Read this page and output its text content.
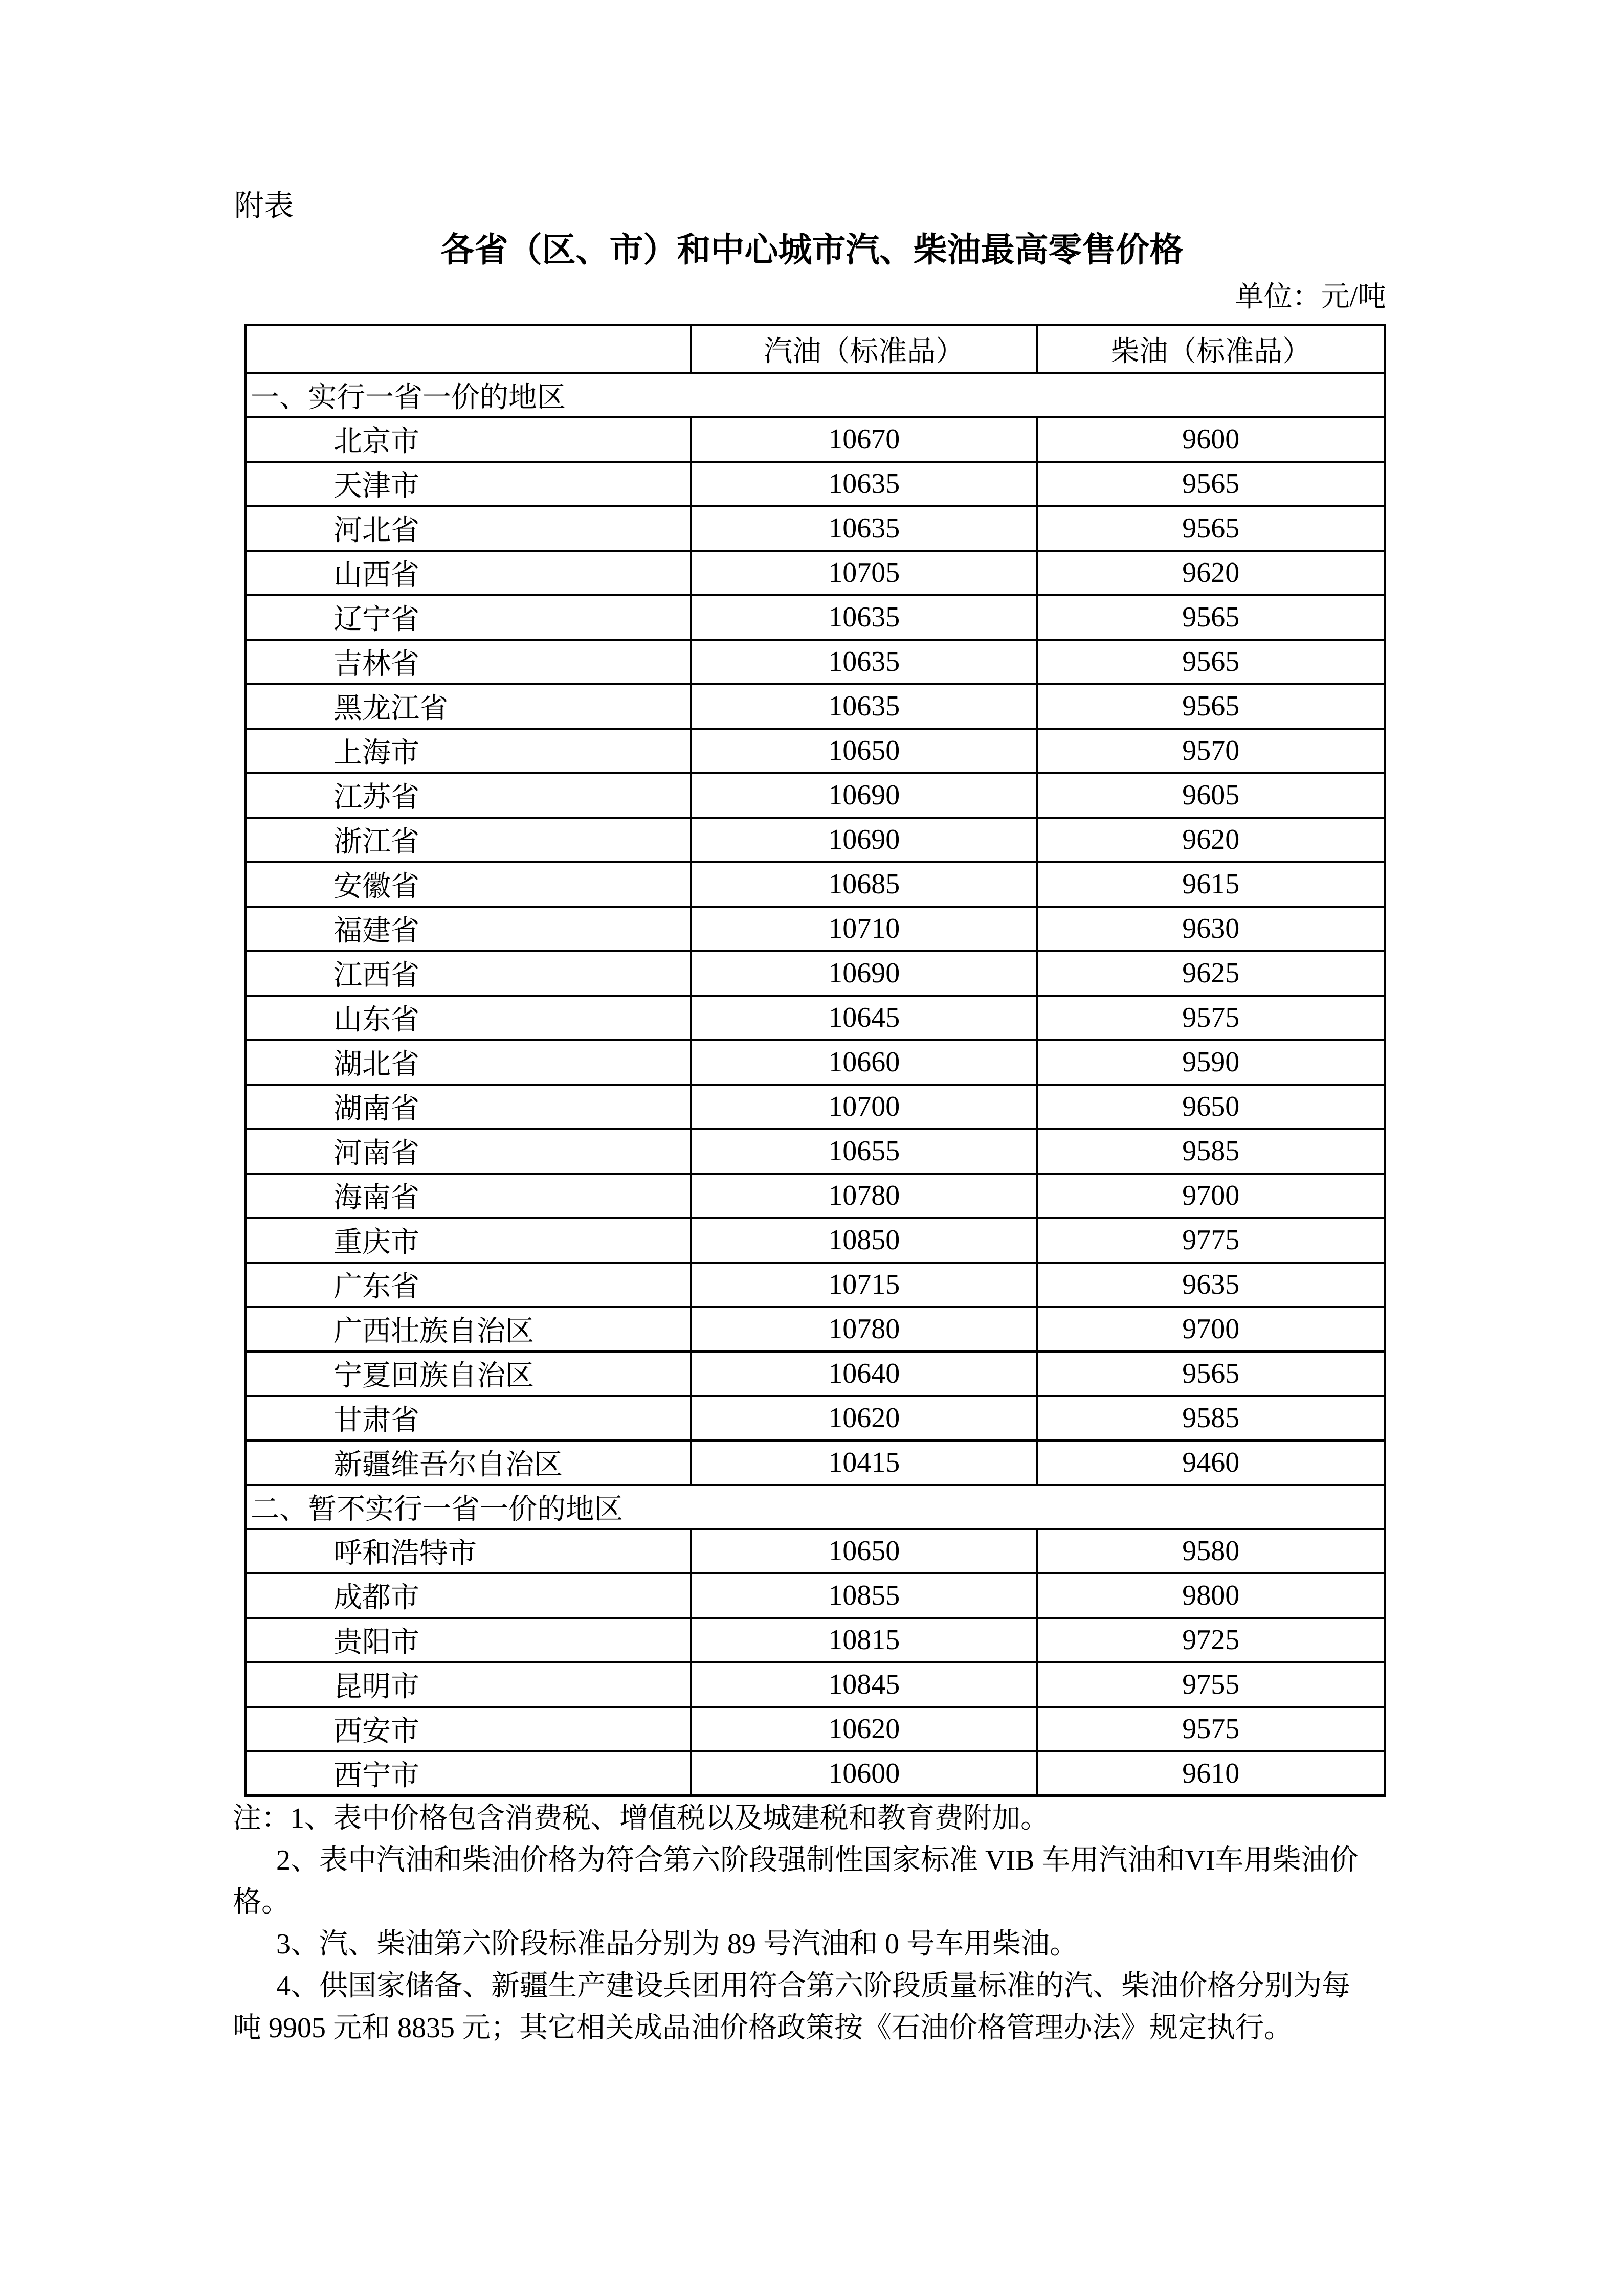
附表
各省（区、市）和中心城市汽、柴油最高零售价格
单位：元/吨
	汽油（标准品）	柴油（标准品）
一、实行一省一价的地区		
北京市	10670	9600
天津市	10635	9565
河北省	10635	9565
山西省	10705	9620
辽宁省	10635	9565
吉林省	10635	9565
黑龙江省	10635	9565
上海市	10650	9570
江苏省	10690	9605
浙江省	10690	9620
安徽省	10685	9615
福建省	10710	9630
江西省	10690	9625
山东省	10645	9575
湖北省	10660	9590
湖南省	10700	9650
河南省	10655	9585
海南省	10780	9700
重庆市	10850	9775
广东省	10715	9635
广西壮族自治区	10780	9700
宁夏回族自治区	10640	9565
甘肃省	10620	9585
新疆维吾尔自治区	10415	9460
二、暂不实行一省一价的地区		
呼和浩特市	10650	9580
成都市	10855	9800
贵阳市	10815	9725
昆明市	10845	9755
西安市	10620	9575
西宁市	10600	9610
注：1、表中价格包含消费税、增值税以及城建税和教育费附加。
2、表中汽油和柴油价格为符合第六阶段强制性国家标准 VIB 车用汽油和VI车用柴油价
格。
3、汽、柴油第六阶段标准品分别为 89 号汽油和 0 号车用柴油。
4、供国家储备、新疆生产建设兵团用符合第六阶段质量标准的汽、柴油价格分别为每
吨 9905 元和 8835 元；其它相关成品油价格政策按《石油价格管理办法》规定执行。
